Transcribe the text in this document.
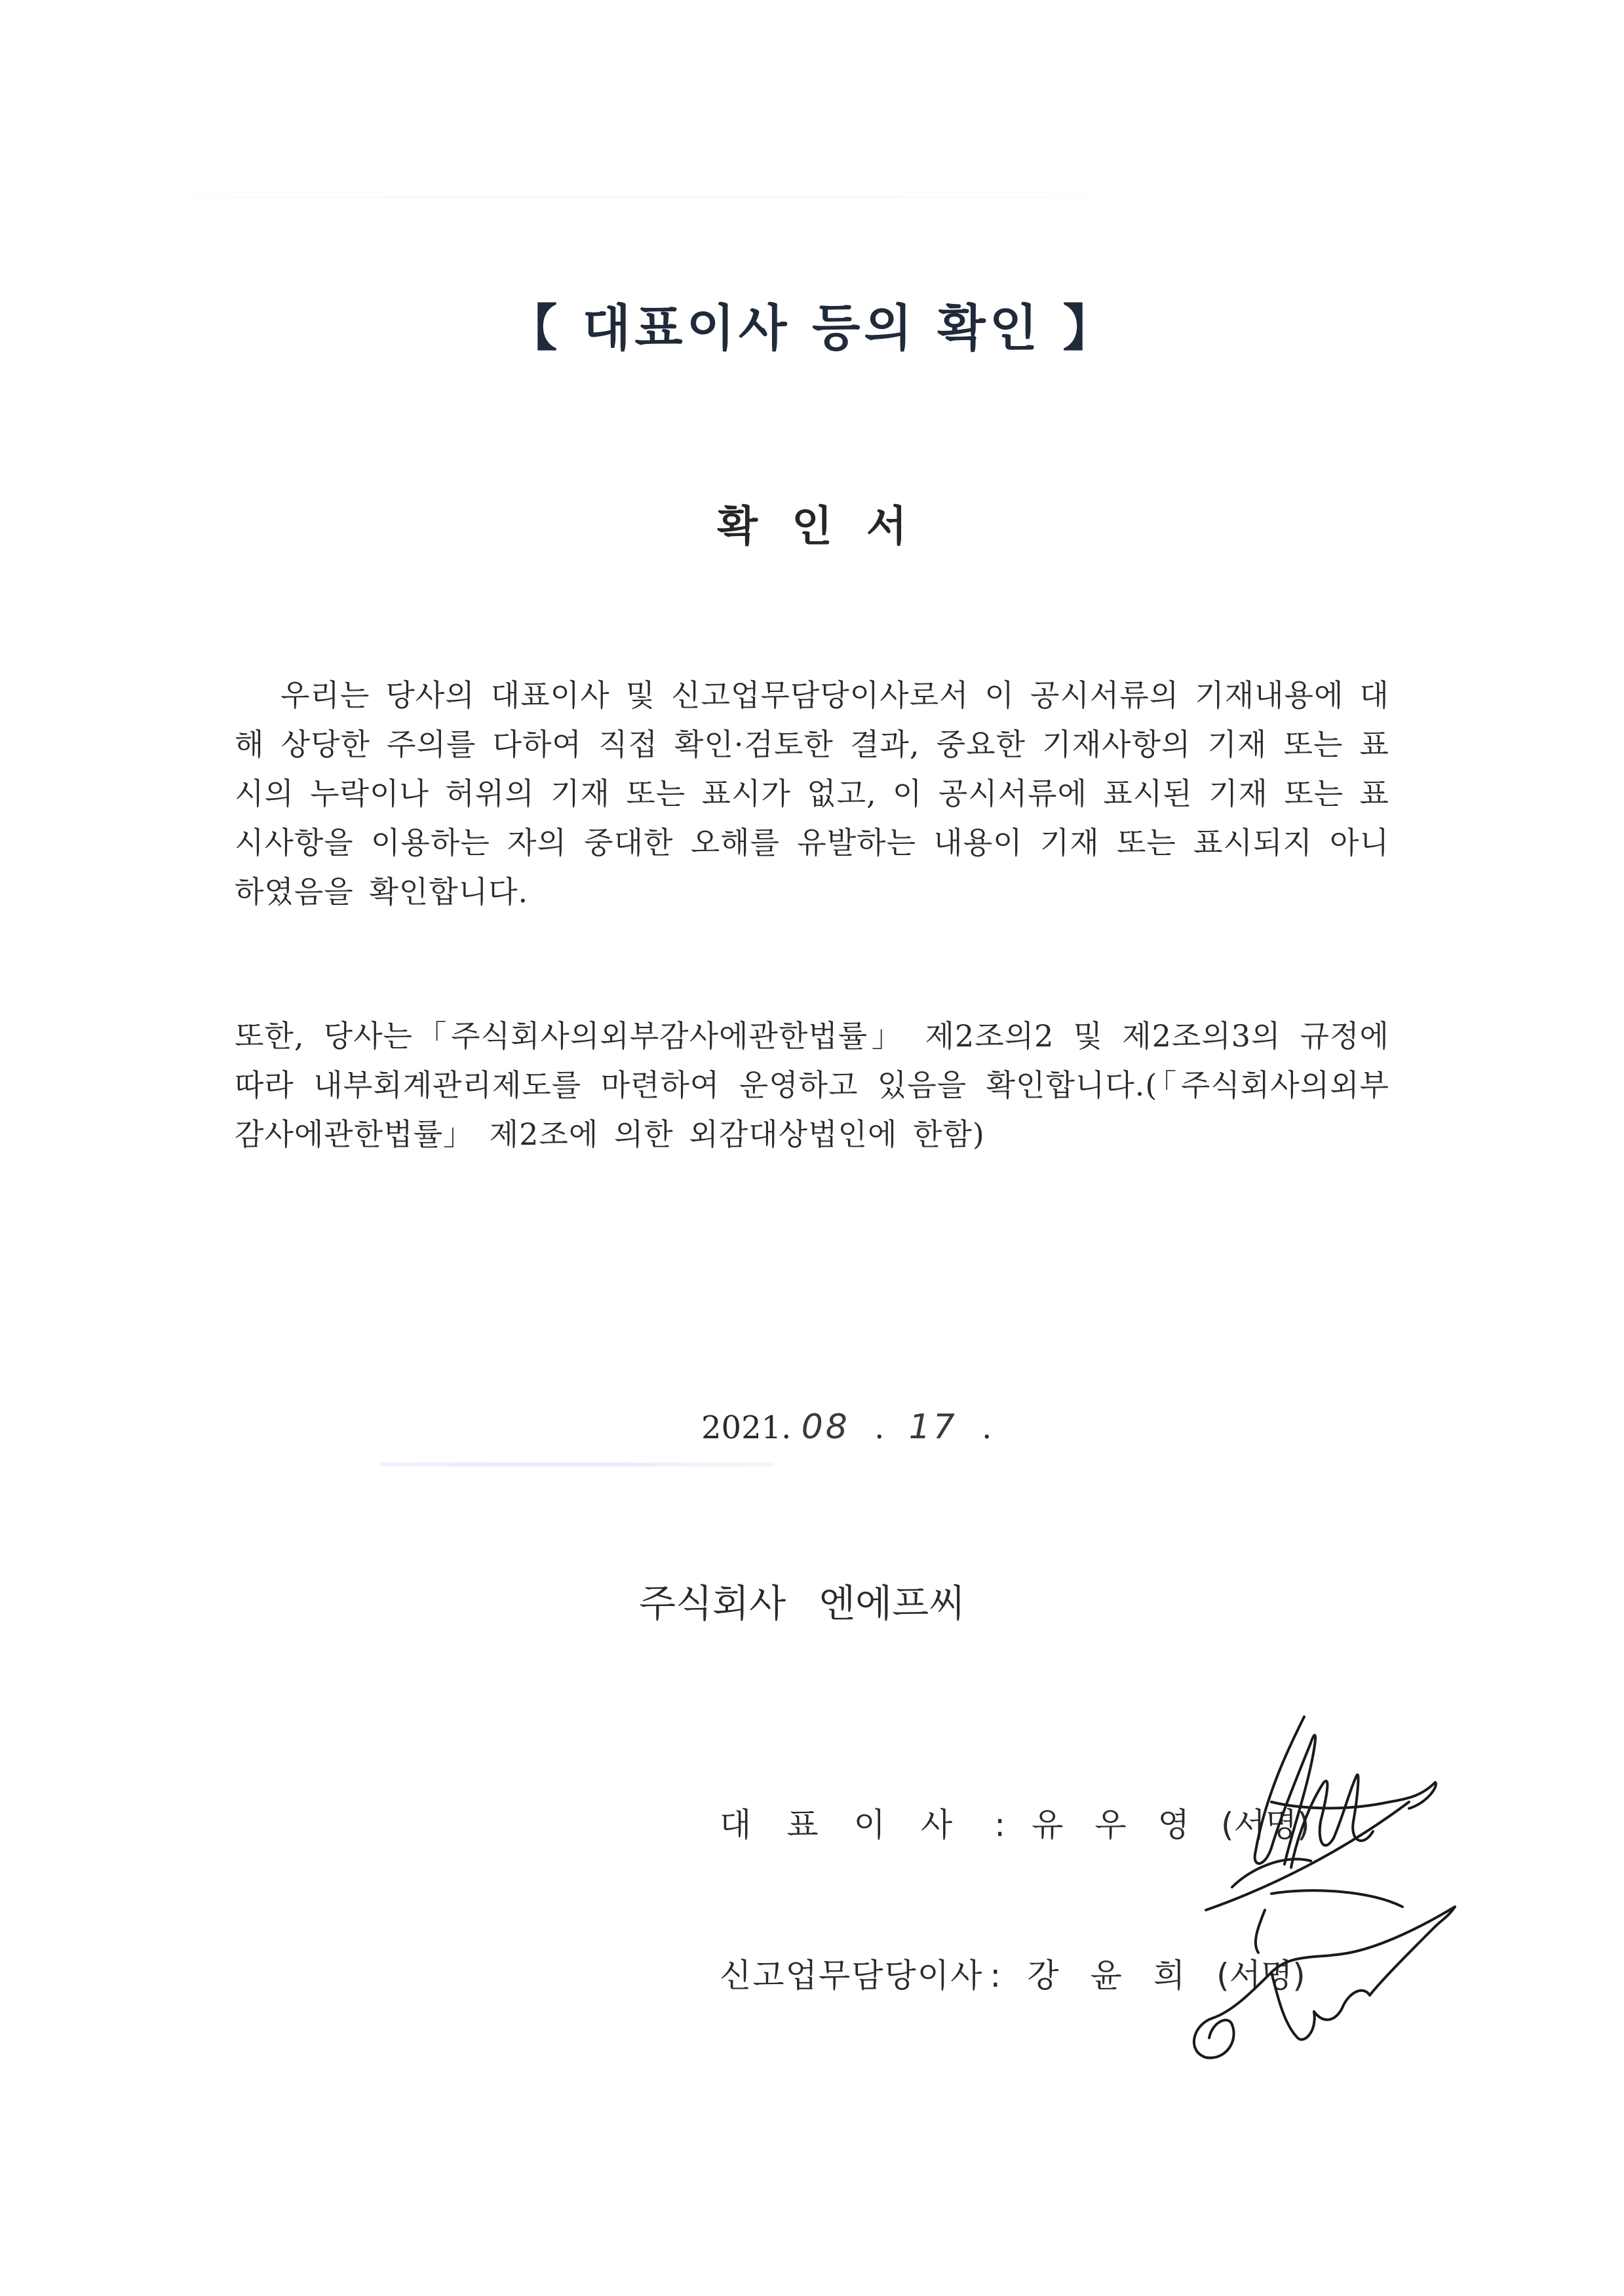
【 대표이사 등의 확인 】
확인서
우리는 당사의 대표이사 및 신고업무담당이사로서 이 공시서류의 기재내용에 대해 상당한 주의를 다하여 직접 확인·검토한 결과, 중요한 기재사항의 기재 또는 표시의 누락이나 허위의 기재 또는 표시가 없고, 이 공시서류에 표시된 기재 또는 표시사항을 이용하는 자의 중대한 오해를 유발하는 내용이 기재 또는 표시되지 아니하였음을 확인합니다.
또한, 당사는「주식회사의외부감사에관한법률」 제2조의2 및 제2조의3의 규정에 따라 내부회계관리제도를 마련하여 운영하고 있음을 확인합니다.(「주식회사의외부감사에관한법률」 제2조에 의한 외감대상법인에 한함)
2021. 08 . 17 .
주식회사 엔에프씨
대표이사 : 유우영(서명)
신고업무담당이사 : 강윤희(서명)
